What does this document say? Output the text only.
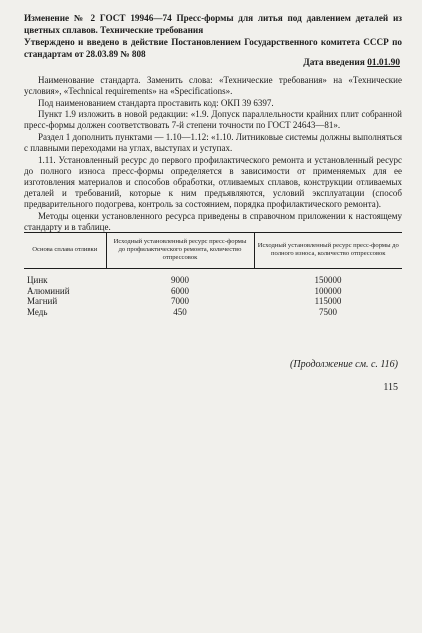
Изменение № 2 ГОСТ 19946—74 Пресс-формы для литья под давлением деталей из цветных сплавов. Технические требования
Утверждено и введено в действие Постановлением Государственного комитета СССР по стандартам от 28.03.89 № 808
Дата введения 01.01.90

Наименование стандарта. Заменить слова: «Технические требования» на «Технические условия», «Technical requirements» на «Specifications».

Под наименованием стандарта проставить код: ОКП 39 6397.

Пункт 1.9 изложить в новой редакции: «1.9. Допуск параллельности крайних плит собранной пресс-формы должен соответствовать 7-й степени точности по ГОСТ 24643—81».

Раздел 1 дополнить пунктами — 1.10—1.12: «1.10. Литниковые системы должны выполняться с плавными переходами на углах, выступах и уступах.

1.11. Установленный ресурс до первого профилактического ремонта и установленный ресурс до полного износа пресс-формы определяется в зависимости от применяемых для ее изготовления материалов и способов обработки, отливаемых сплавов, конструкции отливаемых деталей и требований, которые к ним предъявляются, условий эксплуатации (способ предварительного подогрева, контроль за состоянием, порядка профилактического ремонта).

Методы оценки установленного ресурса приведены в справочном приложении к настоящему стандарту и в таблице.

Основа сплава отливки	Исходный установленный ресурс пресс-формы до профилактического ремонта, количество отпрессовок	Исходный установленный ресурс пресс-формы до полного износа, количество отпрессовок
Цинк	9000	150000
Алюминий	6000	100000
Магний	7000	115000
Медь	450	7500
(Продолжение см. с. 116)
115
